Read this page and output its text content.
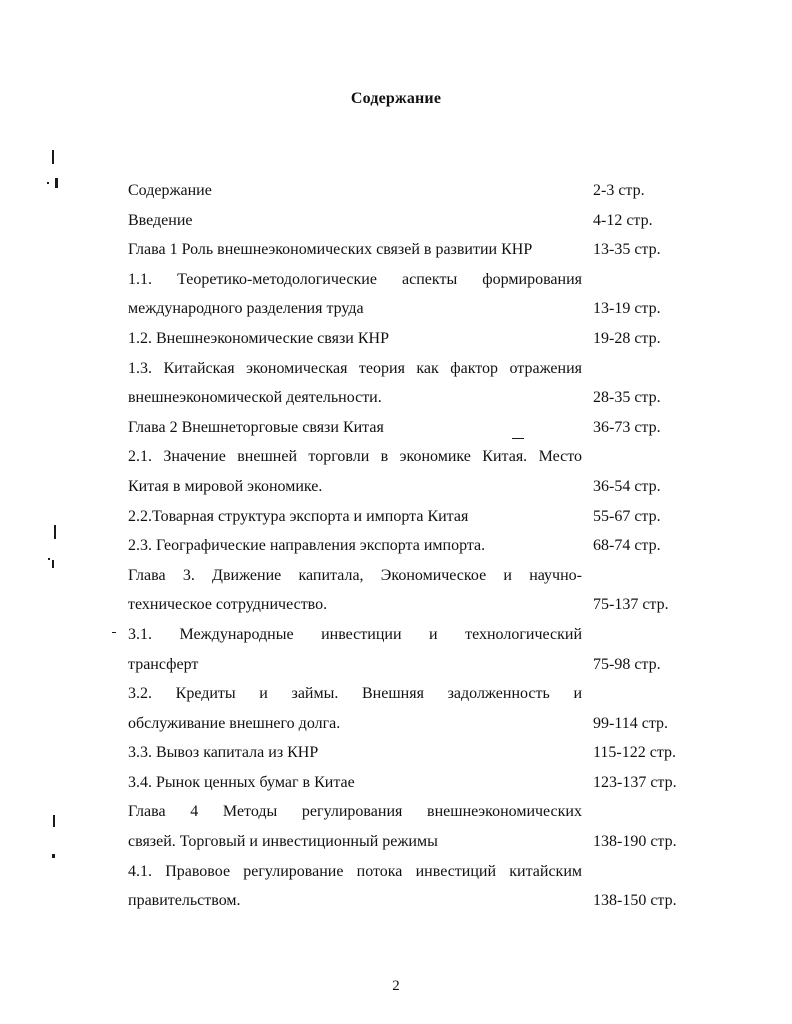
Содержание
Содержание	2-3 стр.
Введение	4-12 стр.
Глава 1 Роль внешнеэкономических связей в развитии КНР	13-35 стр.
1.1. Теоретико-методологические аспекты формирования
международного разделения труда	13-19 стр.
1.2. Внешнеэкономические связи КНР	19-28 стр.
1.3. Китайская экономическая теория как фактор отражения
внешнеэкономической деятельности.	28-35 стр.
Глава 2 Внешнеторговые связи Китая	36-73 стр.
2.1. Значение внешней торговли в экономике Китая. Место
Китая в мировой экономике.	36-54 стр.
2.2.Товарная структура экспорта и импорта Китая	55-67 стр.
2.3. Географические направления экспорта импорта.	68-74 стр.
Глава 3. Движение капитала, Экономическое и научно-
техническое сотрудничество.	75-137 стр.
3.1. Международные инвестиции и технологический
трансферт	75-98 стр.
3.2. Кредиты и займы. Внешняя задолженность и
обслуживание внешнего долга.	99-114 стр.
3.3. Вывоз капитала из КНР	115-122 стр.
3.4. Рынок ценных бумаг в Китае	123-137 стр.
Глава 4 Методы регулирования внешнеэкономических
связей. Торговый и инвестиционный режимы	138-190 стр.
4.1. Правовое регулирование потока инвестиций китайским
правительством.	138-150 стр.
2
